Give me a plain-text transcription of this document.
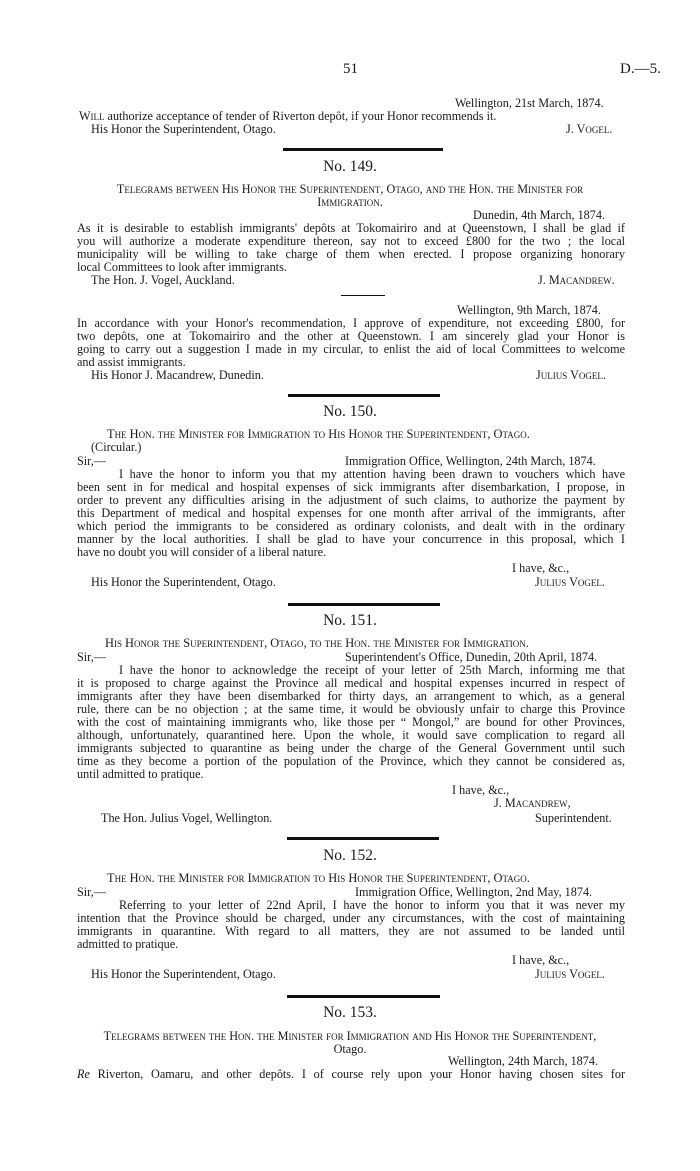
51	D.—5.
Wellington, 21st March, 1874.
Will authorize acceptance of tender of Riverton depôt, if your Honor recommends it.
His Honor the Superintendent, Otago.	J. Vogel.
No. 149.
Telegrams between His Honor the Superintendent, Otago, and the Hon. the Minister for
Immigration.
Dunedin, 4th March, 1874.
As it is desirable to establish immigrants' depôts at Tokomairiro and at Queenstown, I shall be glad if
you will authorize a moderate expenditure thereon, say not to exceed £800 for the two ; the local
municipality will be willing to take charge of them when erected. I propose organizing honorary
local Committees to look after immigrants.
The Hon. J. Vogel, Auckland.	J. Macandrew.
Wellington, 9th March, 1874.
In accordance with your Honor's recommendation, I approve of expenditure, not exceeding £800, for
two depôts, one at Tokomairiro and the other at Queenstown. I am sincerely glad your Honor is
going to carry out a suggestion I made in my circular, to enlist the aid of local Committees to welcome
and assist immigrants.
His Honor J. Macandrew, Dunedin.	Julius Vogel.
No. 150.
The Hon. the Minister for Immigration to His Honor the Superintendent, Otago.
(Circular.)
Sir,—	Immigration Office, Wellington, 24th March, 1874.
I have the honor to inform you that my attention having been drawn to vouchers which have
been sent in for medical and hospital expenses of sick immigrants after disembarkation, I propose, in
order to prevent any difficulties arising in the adjustment of such claims, to authorize the payment by
this Department of medical and hospital expenses for one month after arrival of the immigrants, after
which period the immigrants to be considered as ordinary colonists, and dealt with in the ordinary
manner by the local authorities. I shall be glad to have your concurrence in this proposal, which I
have no doubt you will consider of a liberal nature.
I have, &c.,
His Honor the Superintendent, Otago.	Julius Vogel.
No. 151.
His Honor the Superintendent, Otago, to the Hon. the Minister for Immigration.
Sir,—	Superintendent's Office, Dunedin, 20th April, 1874.
I have the honor to acknowledge the receipt of your letter of 25th March, informing me that
it is proposed to charge against the Province all medical and hospital expenses incurred in respect of
immigrants after they have been disembarked for thirty days, an arrangement to which, as a general
rule, there can be no objection ; at the same time, it would be obviously unfair to charge this Province
with the cost of maintaining immigrants who, like those per “ Mongol,” are bound for other Provinces,
although, unfortunately, quarantined here. Upon the whole, it would save complication to regard all
immigrants subjected to quarantine as being under the charge of the General Government until such
time as they become a portion of the population of the Province, which they cannot be considered as,
until admitted to pratique.
I have, &c.,
J. Macandrew,
The Hon. Julius Vogel, Wellington.	Superintendent.
No. 152.
The Hon. the Minister for Immigration to His Honor the Superintendent, Otago.
Sir,—	Immigration Office, Wellington, 2nd May, 1874.
Referring to your letter of 22nd April, I have the honor to inform you that it was never my
intention that the Province should be charged, under any circumstances, with the cost of maintaining
immigrants in quarantine. With regard to all matters, they are not assumed to be landed until
admitted to pratique.
I have, &c.,
His Honor the Superintendent, Otago.	Julius Vogel.
No. 153.
Telegrams between the Hon. the Minister for Immigration and His Honor the Superintendent,
Otago.
Wellington, 24th March, 1874.
Re Riverton, Oamaru, and other depôts. I of course rely upon your Honor having chosen sites for
